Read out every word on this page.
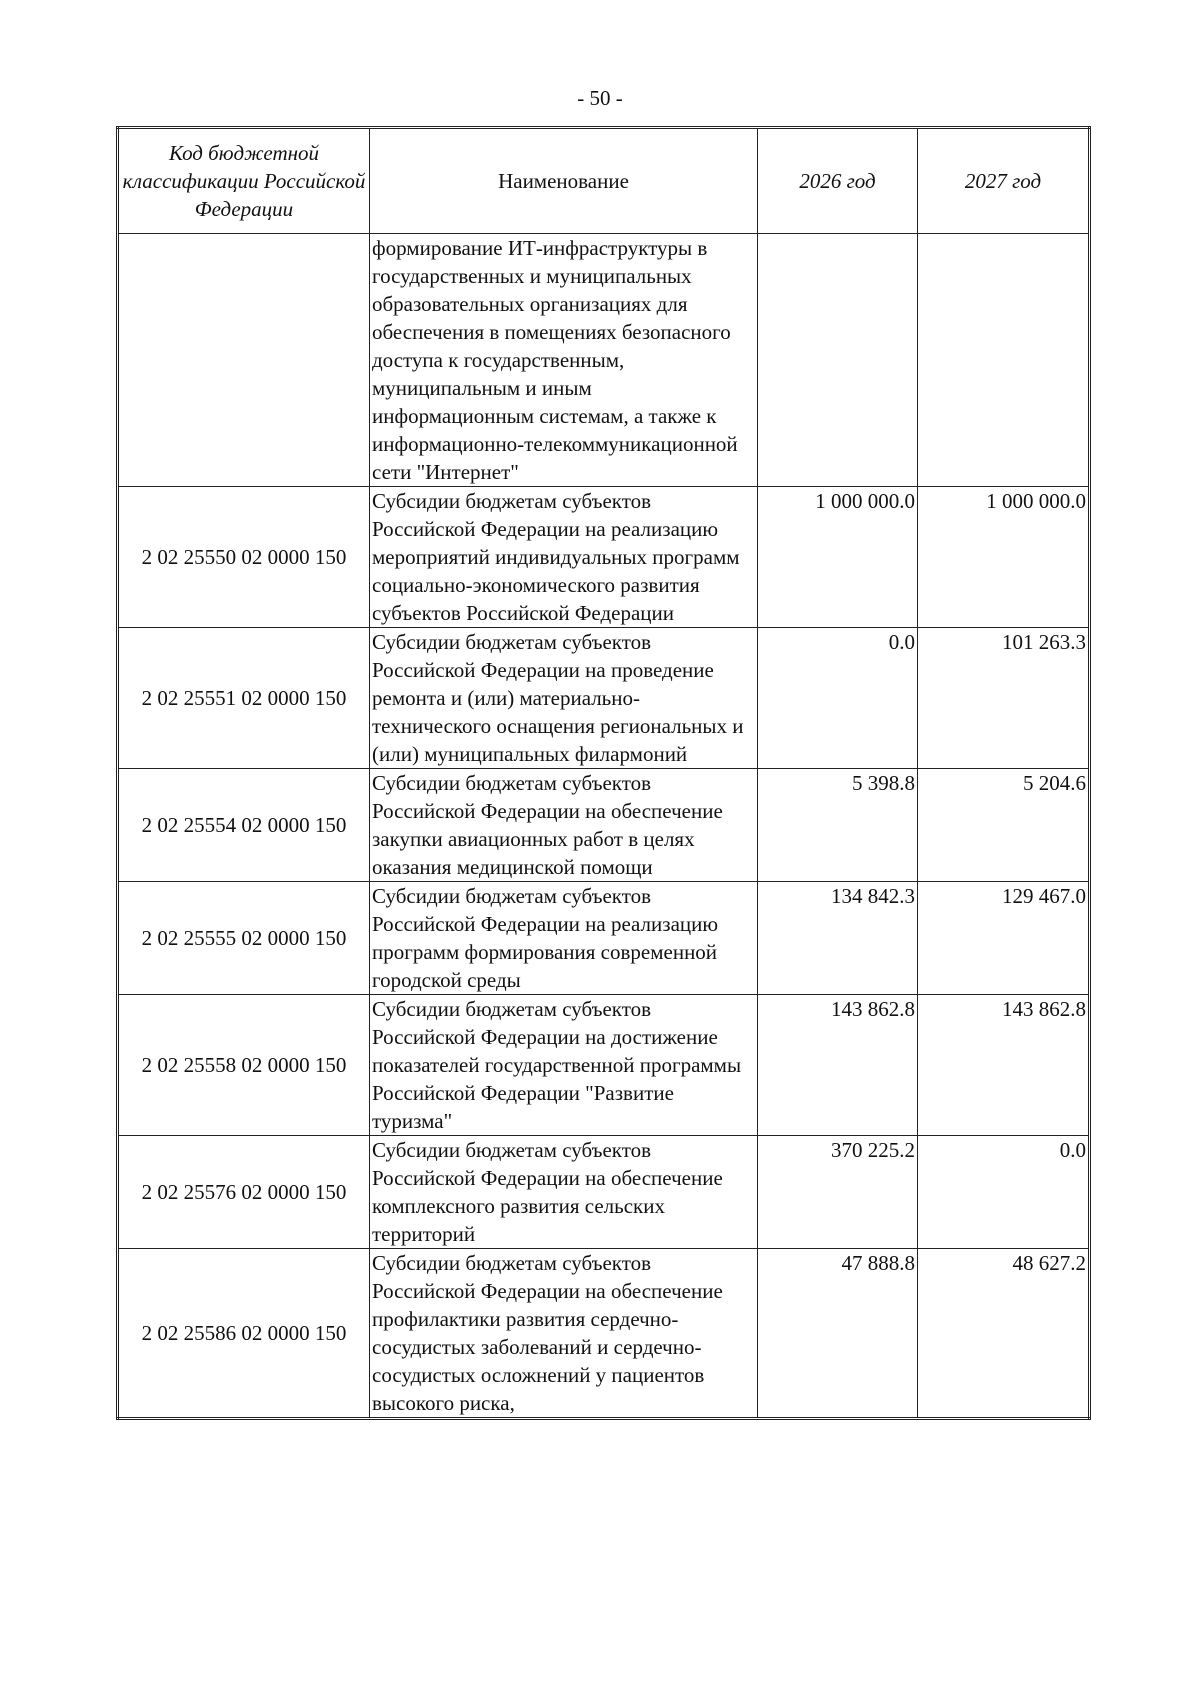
- 50 -
Код бюджетной классификации Российской Федерации	Наименование	2026 год	2027 год
	формирование ИТ-инфраструктуры в государственных и муниципальных образовательных организациях для обеспечения в помещениях безопасного доступа к государственным, муниципальным и иным информационным системам, а также к информационно-телекоммуникационной сети "Интернет"		
2 02 25550 02 0000 150	Субсидии бюджетам субъектов Российской Федерации на реализацию мероприятий индивидуальных программ социально-экономического развития субъектов Российской Федерации	1 000 000.0	1 000 000.0
2 02 25551 02 0000 150	Субсидии бюджетам субъектов Российской Федерации на проведение ремонта и (или) материально-технического оснащения региональных и (или) муниципальных филармоний	0.0	101 263.3
2 02 25554 02 0000 150	Субсидии бюджетам субъектов Российской Федерации на обеспечение закупки авиационных работ в целях оказания медицинской помощи	5 398.8	5 204.6
2 02 25555 02 0000 150	Субсидии бюджетам субъектов Российской Федерации на реализацию программ формирования современной городской среды	134 842.3	129 467.0
2 02 25558 02 0000 150	Субсидии бюджетам субъектов Российской Федерации на достижение показателей государственной программы Российской Федерации "Развитие туризма"	143 862.8	143 862.8
2 02 25576 02 0000 150	Субсидии бюджетам субъектов Российской Федерации на обеспечение комплексного развития сельских территорий	370 225.2	0.0
2 02 25586 02 0000 150	Субсидии бюджетам субъектов Российской Федерации на обеспечение профилактики развития сердечно-сосудистых заболеваний и сердечно-сосудистых осложнений у пациентов высокого риска,	47 888.8	48 627.2
